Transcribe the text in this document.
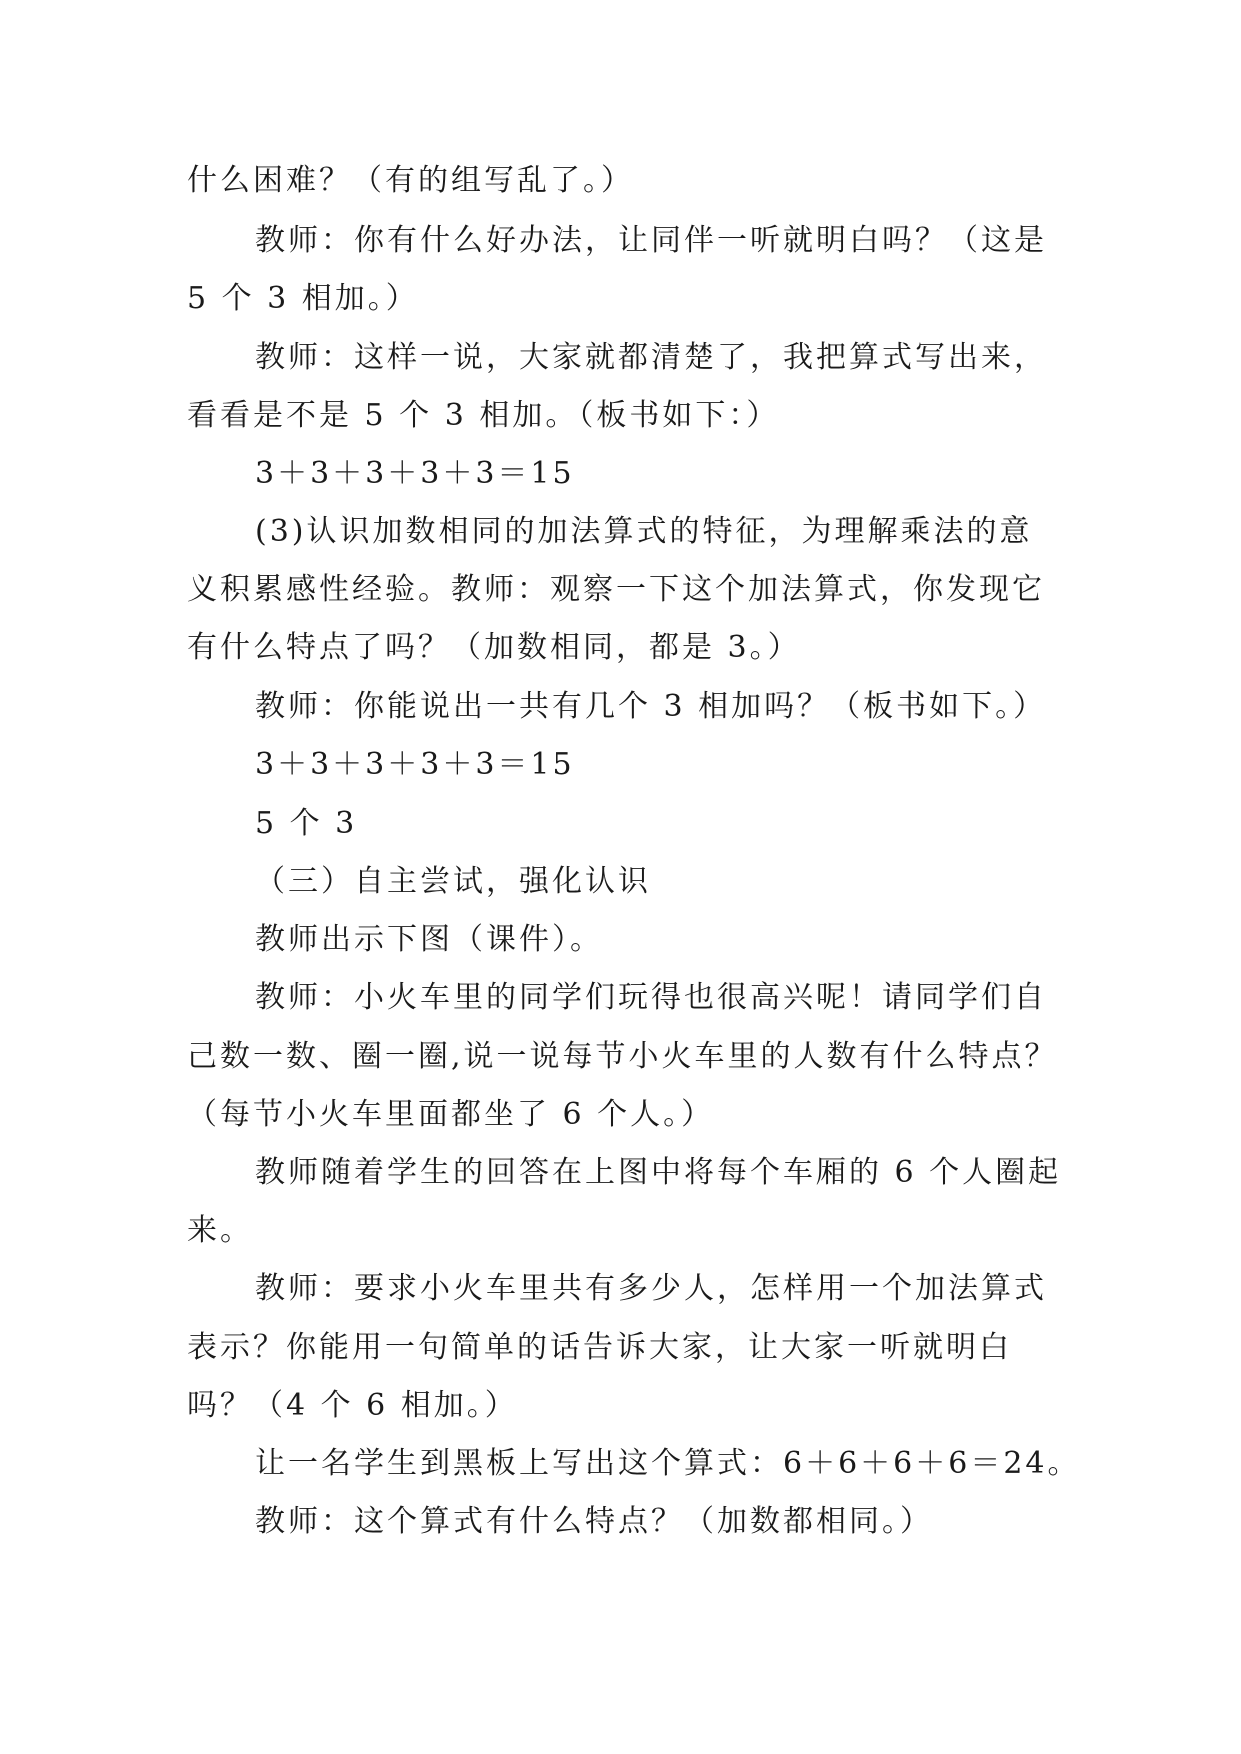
什么困难？（有的组写乱了。）
教师：你有什么好办法，让同伴一听就明白吗？（这是
5 个 3 相加。）
教师：这样一说，大家就都清楚了，我把算式写出来，
看看是不是 5 个 3 相加。（板书如下：）
3＋3＋3＋3＋3＝15
(3)认识加数相同的加法算式的特征，为理解乘法的意
义积累感性经验。教师：观察一下这个加法算式，你发现它
有什么特点了吗？（加数相同，都是 3。）
教师：你能说出一共有几个 3 相加吗？（板书如下。）
3＋3＋3＋3＋3＝15
5 个 3
（三）自主尝试，强化认识
教师出示下图（课件）。
教师：小火车里的同学们玩得也很高兴呢！请同学们自
己数一数、圈一圈,说一说每节小火车里的人数有什么特点？
（每节小火车里面都坐了 6 个人。）
教师随着学生的回答在上图中将每个车厢的 6 个人圈起
来。
教师：要求小火车里共有多少人，怎样用一个加法算式
表示？你能用一句简单的话告诉大家，让大家一听就明白
吗？（4 个 6 相加。）
让一名学生到黑板上写出这个算式：6＋6＋6＋6＝24。
教师：这个算式有什么特点？（加数都相同。）
